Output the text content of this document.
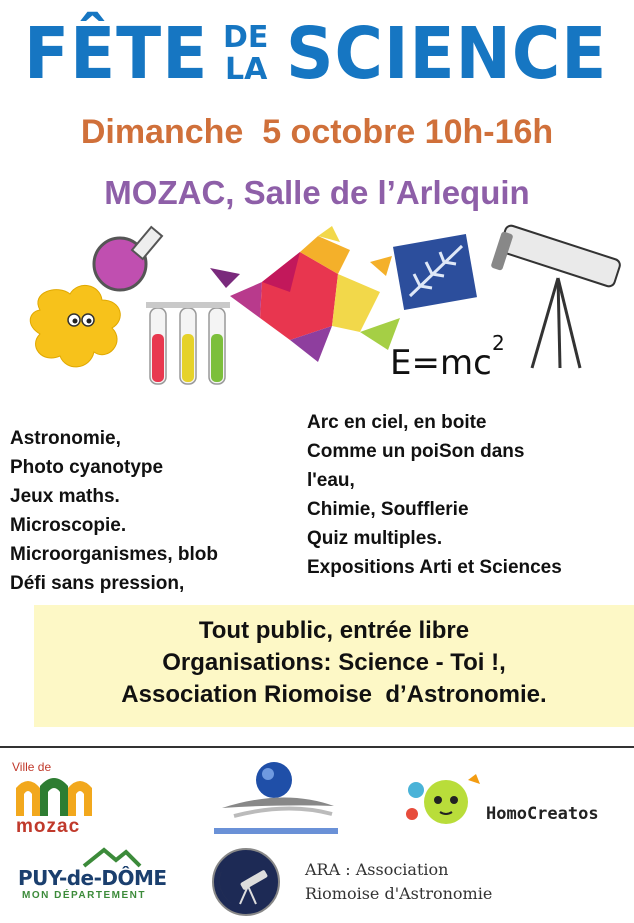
FÊTE DE
LA SCIENCE
Dimanche  5 octobre 10h-16h
MOZAC, Salle de l’Arlequin
E=mc 2
Astronomie,
Photo cyanotype
Jeux maths.
Microscopie.
Microorganismes, blob
Défi sans pression,
Arc en ciel, en boite
Comme un poiSon dans
l'eau,
Chimie, Soufflerie
Quiz multiples.
Expositions Arti et Sciences
Tout public, entrée libre
Organisations: Science - Toi !,
Association Riomoise  d’Astronomie.
Ville de
mozac
HomoCreatos
PUY-de-DÔME
MON DÉPARTEMENT
ARA : Association
Riomoise d'Astronomie
